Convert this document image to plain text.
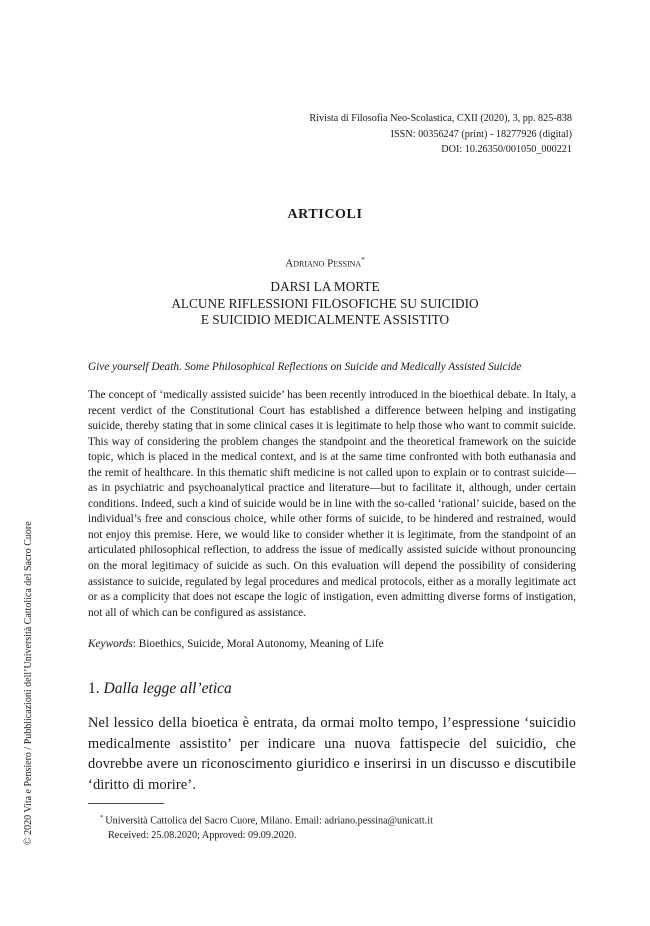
Rivista di Filosofia Neo-Scolastica, CXII (2020), 3, pp. 825-838
ISSN: 00356247 (print) - 18277926 (digital)
DOI: 10.26350/001050_000221
ARTICOLI
Adriano Pessina*
DARSI LA MORTE
ALCUNE RIFLESSIONI FILOSOFICHE SU SUICIDIO
E SUICIDIO MEDICALMENTE ASSISTITO
Give yourself Death. Some Philosophical Reflections on Suicide and Medically Assisted Suicide
The concept of ‘medically assisted suicide’ has been recently introduced in the bioethical debate. In Italy, a recent verdict of the Constitutional Court has established a difference between helping and instigating suicide, thereby stating that in some clinical cases it is legitimate to help those who want to commit suicide. This way of considering the problem changes the standpoint and the theoretical framework on the suicide topic, which is placed in the medical context, and is at the same time confronted with both euthanasia and the remit of healthcare. In this thematic shift medicine is not called upon to explain or to contrast suicide—as in psychiatric and psychoanalytical practice and literature—but to facilitate it, although, under certain conditions. Indeed, such a kind of suicide would be in line with the so-called ‘rational’ suicide, based on the individual’s free and conscious choice, while other forms of suicide, to be hindered and restrained, would not enjoy this premise. Here, we would like to consider whether it is legitimate, from the standpoint of an articulated philosophical reflection, to address the issue of medically assisted suicide without pronouncing on the moral legitimacy of suicide as such. On this evaluation will depend the possibility of considering assistance to suicide, regulated by legal procedures and medical protocols, either as a morally legitimate act or as a complicity that does not escape the logic of instigation, even admitting diverse forms of instigation, not all of which can be configured as assistance.
Keywords: Bioethics, Suicide, Moral Autonomy, Meaning of Life
1. Dalla legge all’etica
Nel lessico della bioetica è entrata, da ormai molto tempo, l’espressione ‘suicidio medicalmente assistito’ per indicare una nuova fattispecie del suicidio, che dovrebbe avere un riconoscimento giuridico e inserirsi in un discusso e discutibile ‘diritto di morire’.
* Università Cattolica del Sacro Cuore, Milano. Email: adriano.pessina@unicatt.it
Received: 25.08.2020; Approved: 09.09.2020.
© 2020 Vita e Pensiero / Pubblicazioni dell’Università Cattolica del Sacro Cuore
